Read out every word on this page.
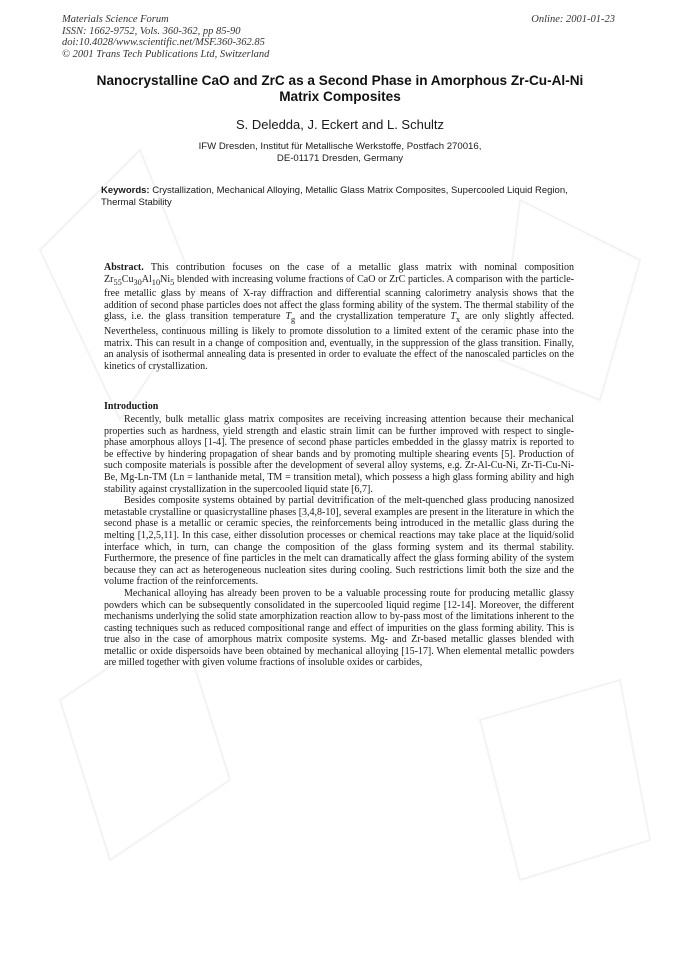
Materials Science Forum
ISSN: 1662-9752, Vols. 360-362, pp 85-90
doi:10.4028/www.scientific.net/MSF.360-362.85
© 2001 Trans Tech Publications Ltd, Switzerland
Online: 2001-01-23
Nanocrystalline CaO and ZrC as a Second Phase in Amorphous Zr-Cu-Al-Ni Matrix Composites
S. Deledda, J. Eckert and L. Schultz
IFW Dresden, Institut für Metallische Werkstoffe, Postfach 270016,
DE-01171 Dresden, Germany
Keywords: Crystallization, Mechanical Alloying, Metallic Glass Matrix Composites, Supercooled Liquid Region, Thermal Stability
Abstract. This contribution focuses on the case of a metallic glass matrix with nominal composition $Zr_{55}Cu_{30}Al_{10}Ni_5$ blended with increasing volume fractions of CaO or ZrC particles. A comparison with the particle-free metallic glass by means of X-ray diffraction and differential scanning calorimetry analysis shows that the addition of second phase particles does not affect the glass forming ability of the system. The thermal stability of the glass, i.e. the glass transition temperature $T_g$ and the crystallization temperature $T_x$ are only slightly affected. Nevertheless, continuous milling is likely to promote dissolution to a limited extent of the ceramic phase into the matrix. This can result in a change of composition and, eventually, in the suppression of the glass transition. Finally, an analysis of isothermal annealing data is presented in order to evaluate the effect of the nanoscaled particles on the kinetics of crystallization.
Introduction

Recently, bulk metallic glass matrix composites are receiving increasing attention because their mechanical properties such as hardness, yield strength and elastic strain limit can be further improved with respect to single-phase amorphous alloys [1-4]. The presence of second phase particles embedded in the glassy matrix is reported to be effective by hindering propagation of shear bands and by promoting multiple shearing events [5]. Production of such composite materials is possible after the development of several alloy systems, e.g. Zr-Al-Cu-Ni, Zr-Ti-Cu-Ni-Be, Mg-Ln-TM (Ln = lanthanide metal, TM = transition metal), which possess a high glass forming ability and high stability against crystallization in the supercooled liquid state [6,7].

Besides composite systems obtained by partial devitrification of the melt-quenched glass producing nanosized metastable crystalline or quasicrystalline phases [3,4,8-10], several examples are present in the literature in which the second phase is a metallic or ceramic species, the reinforcements being introduced in the metallic glass during the melting [1,2,5,11]. In this case, either dissolution processes or chemical reactions may take place at the liquid/solid interface which, in turn, can change the composition of the glass forming system and its thermal stability. Furthermore, the presence of fine particles in the melt can dramatically affect the glass forming ability of the system because they can act as heterogeneous nucleation sites during cooling. Such restrictions limit both the size and the volume fraction of the reinforcements.

Mechanical alloying has already been proven to be a valuable processing route for producing metallic glassy powders which can be subsequently consolidated in the supercooled liquid regime [12-14]. Moreover, the different mechanisms underlying the solid state amorphization reaction allow to by-pass most of the limitations inherent to the casting techniques such as reduced compositional range and effect of impurities on the glass forming ability. This is true also in the case of amorphous matrix composite systems. Mg- and Zr-based metallic glasses blended with metallic or oxide dispersoids have been obtained by mechanical alloying [15-17]. When elemental metallic powders are milled together with given volume fractions of insoluble oxides or carbides,
